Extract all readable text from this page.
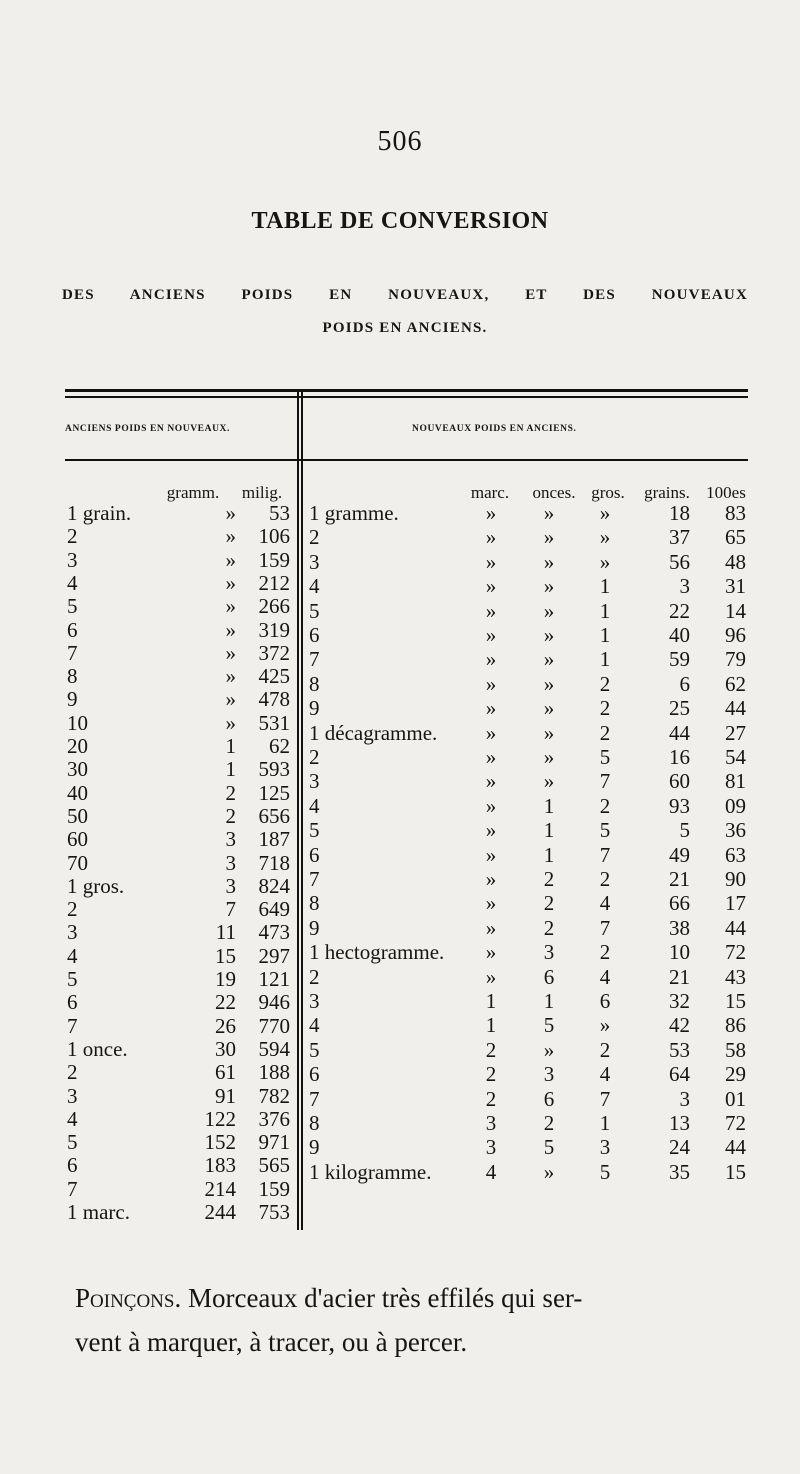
506
TABLE DE CONVERSION
DES ANCIENS POIDS EN NOUVEAUX, ET DES NOUVEAUX
POIDS EN ANCIENS.
ANCIENS POIDS EN NOUVEAUX.	NOUVEAUX POIDS EN ANCIENS.
gramm.	milig.	marc.	onces. gros.	grains. 100es
1 grain.	»	53
2	»	106
3	»	159
4	»	212
5	»	266
6	»	319
7	»	372
8	»	425
9	»	478
10	»	531
20	1	62
30	1	593
40	2	125
50	2	656
60	3	187
70	3	718
1 gros.	3	824
2	7	649
3	11	473
4	15	297
5	19	121
6	22	946
7	26	770
1 once.	30	594
2	61	188
3	91	782
4	122	376
5	152	971
6	183	565
7	214	159
1 marc.	244	753
1 gramme.	»	»	»	18	83
2	»	»	»	37	65
3	»	»	»	56	48
4	»	»	1	3	31
5	»	»	1	22	14
6	»	»	1	40	96
7	»	»	1	59	79
8	»	»	2	6	62
9	»	»	2	25	44
1 décagramme.	»	»	2	44	27
2	»	»	5	16	54
3	»	»	7	60	81
4	»	1	2	93	09
5	»	1	5	5	36
6	»	1	7	49	63
7	»	2	2	21	90
8	»	2	4	66	17
9	»	2	7	38	44
1 hectogramme.	»	3	2	10	72
2	»	6	4	21	43
3	1	1	6	32	15
4	1	5	»	42	86
5	2	»	2	53	58
6	2	3	4	64	29
7	2	6	7	3	01
8	3	2	1	13	72
9	3	5	3	24	44
1 kilogramme.	4	»	5	35	15
Poinçons. Morceaux d'acier très effilés qui ser-
vent à marquer, à tracer, ou à percer.
